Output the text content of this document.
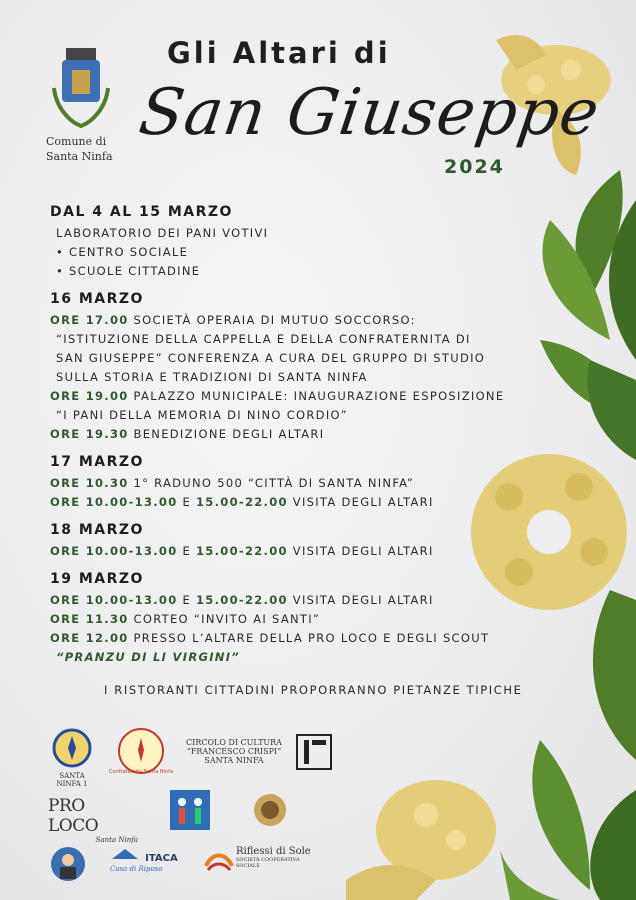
Comune di
Santa Ninfa
Gli Altari di
San Giuseppe
2024
DAL 4 AL 15 MARZO
LABORATORIO DEI PANI VOTIVI
• CENTRO SOCIALE
• SCUOLE CITTADINE
16 MARZO
ORE 17.00 SOCIETÀ OPERAIA DI MUTUO SOCCORSO:
“ISTITUZIONE DELLA CAPPELLA E DELLA CONFRATERNITA DI
SAN GIUSEPPE” CONFERENZA A CURA DEL GRUPPO DI STUDIO
SULLA STORIA E TRADIZIONI DI SANTA NINFA
ORE 19.00 PALAZZO MUNICIPALE: INAUGURAZIONE ESPOSIZIONE
“I PANI DELLA MEMORIA DI NINO CORDIO”
ORE 19.30 BENEDIZIONE DEGLI ALTARI
17 MARZO
ORE 10.30 1° RADUNO 500 “CITTÀ DI SANTA NINFA”
ORE 10.00-13.00 E 15.00-22.00 VISITA DEGLI ALTARI
18 MARZO
ORE 10.00-13.00 E 15.00-22.00 VISITA DEGLI ALTARI
19 MARZO
ORE 10.00-13.00 E 15.00-22.00 VISITA DEGLI ALTARI
ORE 11.30 CORTEO “INVITO AI SANTI”
ORE 12.00 PRESSO L’ALTARE DELLA PRO LOCO E DEGLI SCOUT
“PRANZU DI LI VIRGINI”
I RISTORANTI CITTADINI PROPORRANNO PIETANZE TIPICHE
SANTA NINFA 1
Confraternita Santa Ninfa
CIRCOLO DI CULTURA
“FRANCESCO CRISPI”
SANTA NINFA
PRO LOCO
Santa Ninfa
ITACA
Casa di Riposo
Riflessi di Sole
SOCIETÀ COOPERATIVA SOCIALE
